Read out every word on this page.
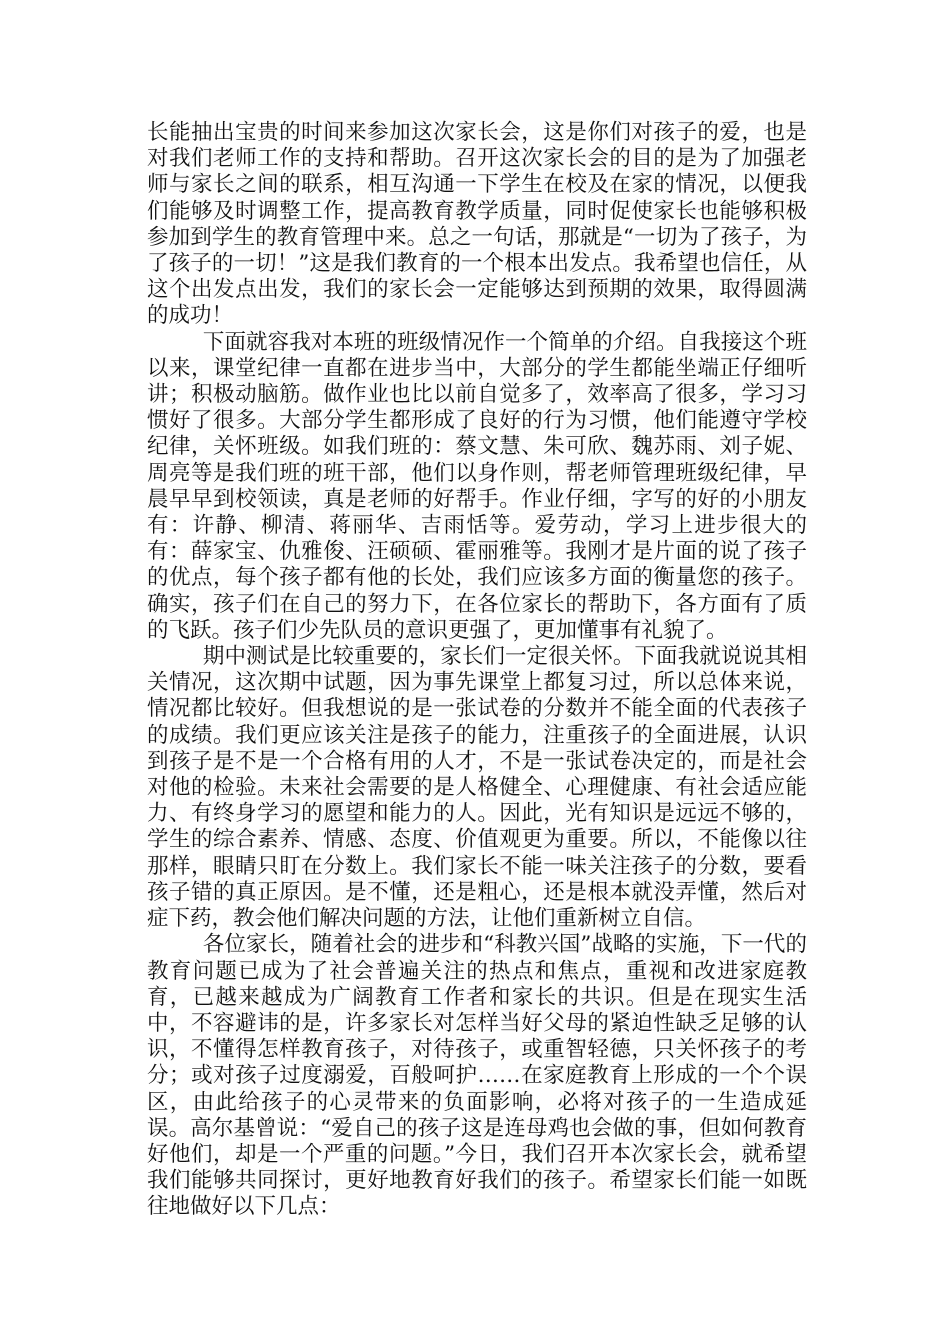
长能抽出宝贵的时间来参加这次家长会，这是你们对孩子的爱，也是对我们老师工作的支持和帮助。召开这次家长会的目的是为了加强老师与家长之间的联系，相互沟通一下学生在校及在家的情况，以便我们能够及时调整工作，提高教育教学质量，同时促使家长也能够积极参加到学生的教育管理中来。总之一句话，那就是“一切为了孩子，为了孩子的一切！”这是我们教育的一个根本出发点。我希望也信任，从这个出发点出发，我们的家长会一定能够达到预期的效果，取得圆满的成功！

下面就容我对本班的班级情况作一个简单的介绍。自我接这个班以来，课堂纪律一直都在进步当中，大部分的学生都能坐端正仔细听讲；积极动脑筋。做作业也比以前自觉多了，效率高了很多，学习习惯好了很多。大部分学生都形成了良好的行为习惯，他们能遵守学校纪律，关怀班级。如我们班的：蔡文慧、朱可欣、魏苏雨、刘子妮、周亮等是我们班的班干部，他们以身作则，帮老师管理班级纪律，早晨早早到校领读，真是老师的好帮手。作业仔细，字写的好的小朋友有：许静、柳清、蒋丽华、吉雨恬等。爱劳动，学习上进步很大的有：薛家宝、仇雅俊、汪硕硕、霍丽雅等。我刚才是片面的说了孩子的优点，每个孩子都有他的长处，我们应该多方面的衡量您的孩子。确实，孩子们在自己的努力下，在各位家长的帮助下，各方面有了质的飞跃。孩子们少先队员的意识更强了，更加懂事有礼貌了。

期中测试是比较重要的，家长们一定很关怀。下面我就说说其相关情况，这次期中试题，因为事先课堂上都复习过，所以总体来说，情况都比较好。但我想说的是一张试卷的分数并不能全面的代表孩子的成绩。我们更应该关注是孩子的能力，注重孩子的全面进展，认识到孩子是不是一个合格有用的人才，不是一张试卷决定的，而是社会对他的检验。未来社会需要的是人格健全、心理健康、有社会适应能力、有终身学习的愿望和能力的人。因此，光有知识是远远不够的，学生的综合素养、情感、态度、价值观更为重要。所以，不能像以往那样，眼睛只盯在分数上。我们家长不能一味关注孩子的分数，要看孩子错的真正原因。是不懂，还是粗心，还是根本就没弄懂，然后对症下药，教会他们解决问题的方法，让他们重新树立自信。

各位家长，随着社会的进步和“科教兴国”战略的实施，下一代的教育问题已成为了社会普遍关注的热点和焦点，重视和改进家庭教育，已越来越成为广阔教育工作者和家长的共识。但是在现实生活中，不容避讳的是，许多家长对怎样当好父母的紧迫性缺乏足够的认识，不懂得怎样教育孩子，对待孩子，或重智轻德，只关怀孩子的考分；或对孩子过度溺爱，百般呵护……在家庭教育上形成的一个个误区，由此给孩子的心灵带来的负面影响，必将对孩子的一生造成延误。高尔基曾说：“爱自己的孩子这是连母鸡也会做的事，但如何教育好他们，却是一个严重的问题。”今日，我们召开本次家长会，就希望我们能够共同探讨，更好地教育好我们的孩子。希望家长们能一如既往地做好以下几点：
